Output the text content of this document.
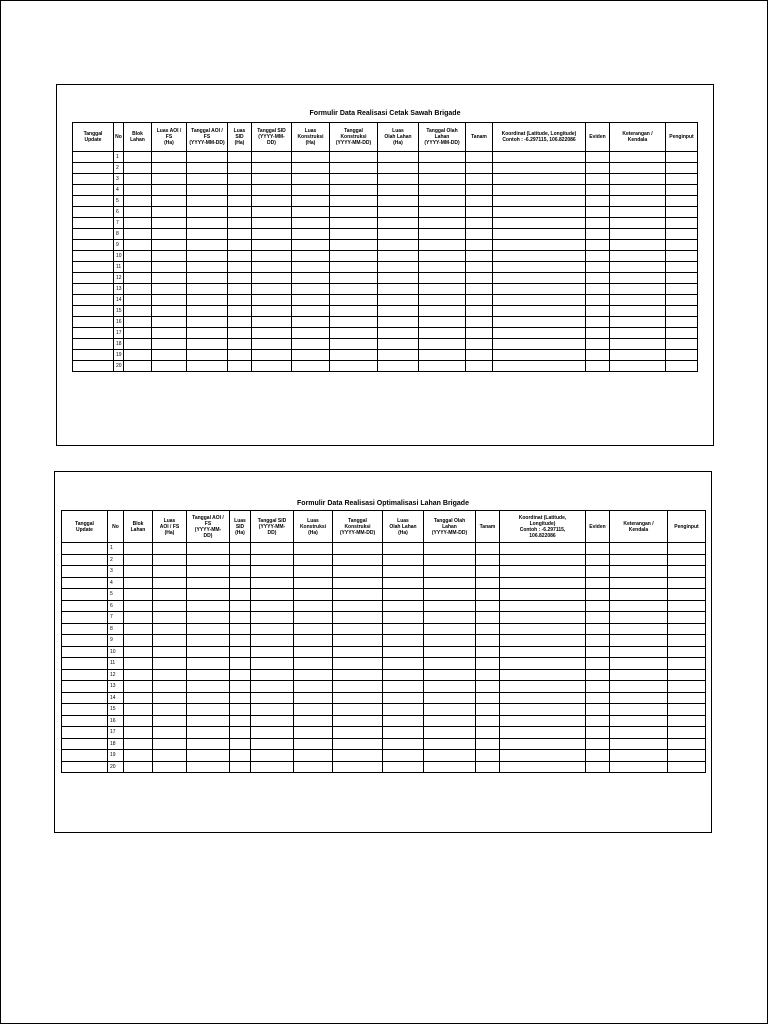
Formulir Data Realisasi Cetak Sawah Brigade
Tanggal
Update	No	Blok
Lahan	Luas AOI /
FS
(Ha)	Tanggal AOI /
FS
(YYYY-MM-DD)	Luas
SID
(Ha)	Tanggal SID
(YYYY-MM-
DD)	Luas
Konstruksi
(Ha)	Tanggal
Konstruksi
(YYYY-MM-DD)	Luas
Olah Lahan
(Ha)	Tanggal Olah
Lahan
(YYYY-MM-DD)	Tanam	Koordinat (Latitude, Longitude)
Contoh : -6.297115, 106.822086	Eviden	Keterangan /
Kendala	Penginput
	1														
	2														
	3														
	4														
	5														
	6														
	7														
	8														
	9														
	10														
	11														
	12														
	13														
	14														
	15														
	16														
	17														
	18														
	19														
	20														
Formulir Data Realisasi Optimalisasi Lahan Brigade
Tanggal
Update	No	Blok
Lahan	Luas
AOI / FS
(Ha)	Tanggal AOI /
FS
(YYYY-MM-
DD)	Luas
SID
(Ha)	Tanggal SID
(YYYY-MM-
DD)	Luas
Konstruksi
(Ha)	Tanggal
Konstruksi
(YYYY-MM-DD)	Luas
Olah Lahan
(Ha)	Tanggal Olah
Lahan
(YYYY-MM-DD)	Tanam	Koordinat (Latitude,
Longitude)
Contoh : -6.297115,
106.822086	Eviden	Keterangan /
Kendala	Penginput
	1														
	2														
	3														
	4														
	5														
	6														
	7														
	8														
	9														
	10														
	11														
	12														
	13														
	14														
	15														
	16														
	17														
	18														
	19														
	20														
